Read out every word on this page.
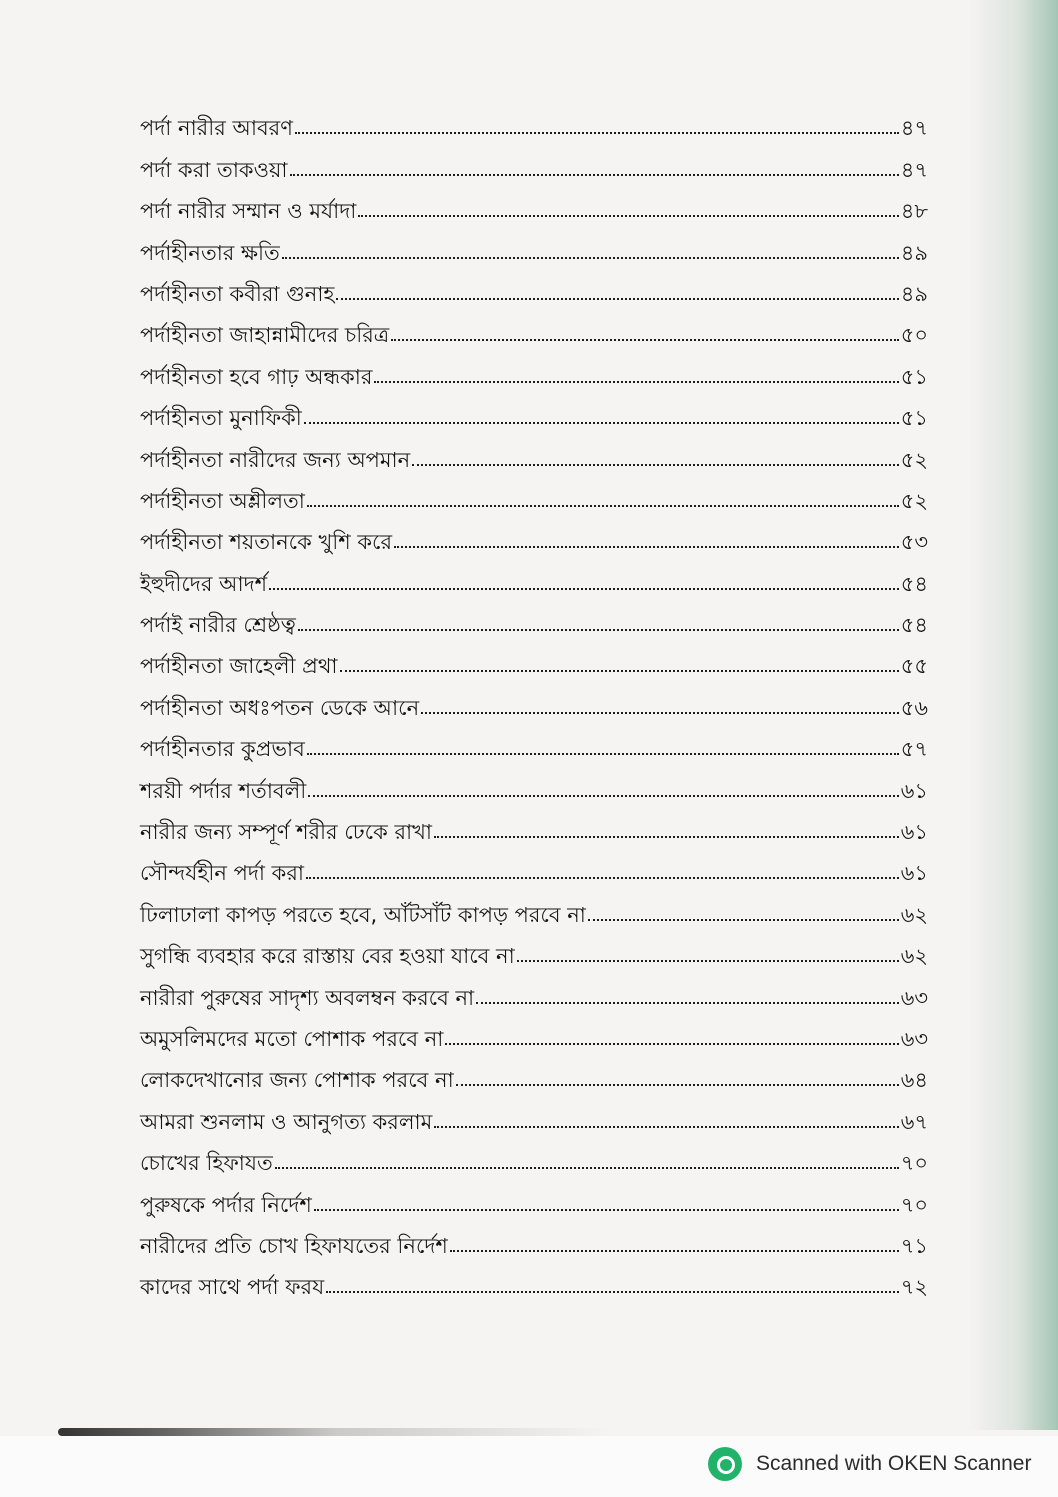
পর্দা নারীর আবরণ	৪৭
পর্দা করা তাকওয়া	৪৭
পর্দা নারীর সম্মান ও মর্যাদা	৪৮
পর্দাহীনতার ক্ষতি	৪৯
পর্দাহীনতা কবীরা গুনাহ	৪৯
পর্দাহীনতা জাহান্নামীদের চরিত্র	৫০
পর্দাহীনতা হবে গাঢ় অন্ধকার	৫১
পর্দাহীনতা মুনাফিকী	৫১
পর্দাহীনতা নারীদের জন্য অপমান	৫২
পর্দাহীনতা অশ্লীলতা	৫২
পর্দাহীনতা শয়তানকে খুশি করে	৫৩
ইহুদীদের আদর্শ	৫৪
পর্দাই নারীর শ্রেষ্ঠত্ব	৫৪
পর্দাহীনতা জাহেলী প্রথা	৫৫
পর্দাহীনতা অধঃপতন ডেকে আনে	৫৬
পর্দাহীনতার কুপ্রভাব	৫৭
শরয়ী পর্দার শর্তাবলী	৬১
নারীর জন্য সম্পূর্ণ শরীর ঢেকে রাখা	৬১
সৌন্দর্যহীন পর্দা করা	৬১
ঢিলাঢালা কাপড় পরতে হবে, আঁটসাঁট কাপড় পরবে না	৬২
সুগন্ধি ব্যবহার করে রাস্তায় বের হওয়া যাবে না	৬২
নারীরা পুরুষের সাদৃশ্য অবলম্বন করবে না	৬৩
অমুসলিমদের মতো পোশাক পরবে না	৬৩
লোকদেখানোর জন্য পোশাক পরবে না	৬৪
আমরা শুনলাম ও আনুগত্য করলাম	৬৭
চোখের হিফাযত	৭০
পুরুষকে পর্দার নির্দেশ	৭০
নারীদের প্রতি চোখ হিফাযতের নির্দেশ	৭১
কাদের সাথে পর্দা ফরয	৭২
Scanned with OKEN Scanner
